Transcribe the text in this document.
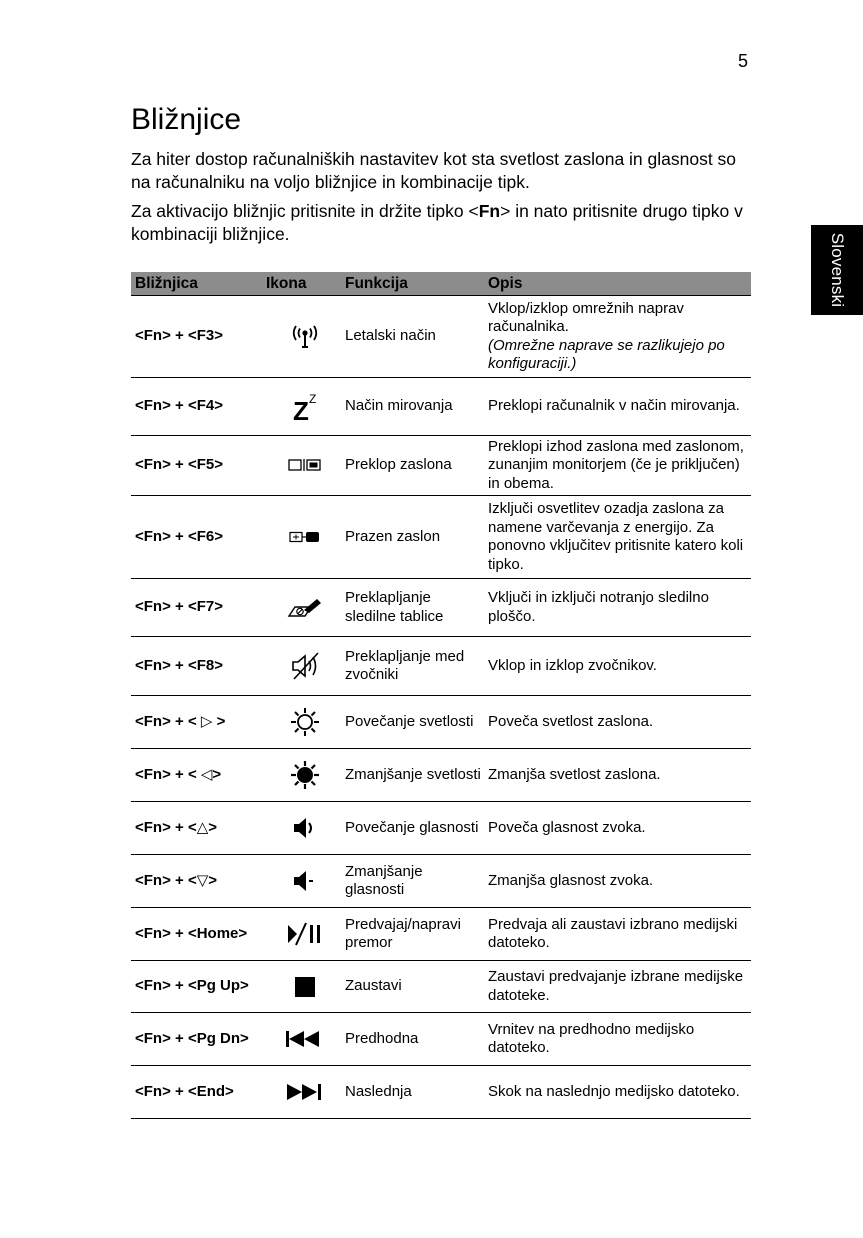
5
Slovenski
Bližnjice

Za hiter dostop računalniških nastavitev kot sta svetlost zaslona in glasnost so na računalniku na voljo bližnjice in kombinacije tipk.

Za aktivacijo bližnjic pritisnite in držite tipko <Fn> in nato pritisnite drugo tipko v kombinaciji bližnjice.

Bližnjica	Ikona	Funkcija	Opis
<Fn> + <F3>		Letalski način	Vklop/izklop omrežnih naprav računalnika.
(Omrežne naprave se razlikujejo po konfiguraciji.)

<Fn> + <F4>	Z Z	Način mirovanja	Preklopi računalnik v način mirovanja.
<Fn> + <F5>		Preklop zaslona	Preklopi izhod zaslona med zaslonom, zunanjim monitorjem (če je priključen) in obema.
<Fn> + <F6>		Prazen zaslon	Izključi osvetlitev ozadja zaslona za namene varčevanja z energijo. Za ponovno vključitev pritisnite katero koli tipko.
<Fn> + <F7>		Preklapljanje sledilne tablice	Vključi in izključi notranjo sledilno ploščo.
<Fn> + <F8>		Preklapljanje med zvočniki	Vklop in izklop zvočnikov.
<Fn> + < ▷ >		Povečanje svetlosti	Poveča svetlost zaslona.
<Fn> + < ◁>		Zmanjšanje svetlosti	Zmanjša svetlost zaslona.
<Fn> + <△>		Povečanje glasnosti	Poveča glasnost zvoka.
<Fn> + <▽>		Zmanjšanje glasnosti	Zmanjša glasnost zvoka.
<Fn> + <Home>		Predvajaj/napravi premor	Predvaja ali zaustavi izbrano medijski datoteko.
<Fn> + <Pg Up>		Zaustavi	Zaustavi predvajanje izbrane medijske datoteke.
<Fn> + <Pg Dn>		Predhodna	Vrnitev na predhodno medijsko datoteko.
<Fn> + <End>		Naslednja	Skok na naslednjo medijsko datoteko.
